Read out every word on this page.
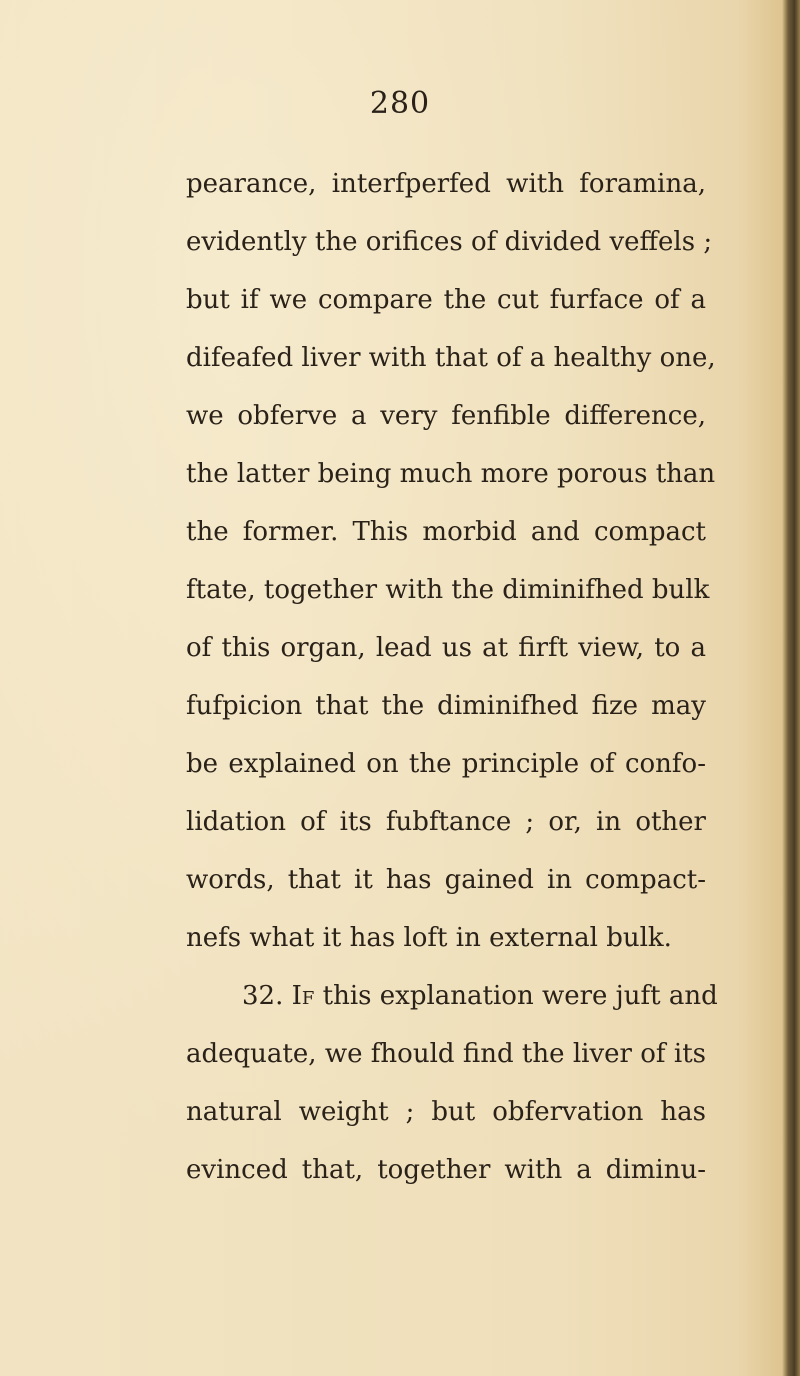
280
pearance, interfperfed with foramina,
evidently the orifices of divided veffels ;
but if we compare the cut furface of a
difeafed liver with that of a healthy one,
we obferve a very fenfible difference,
the latter being much more porous than
the former. This morbid and compact
ftate, together with the diminifhed bulk
of this organ, lead us at firft view, to a
fufpicion that the diminifhed fize may
be explained on the principle of confo-
lidation of its fubftance ; or, in other
words, that it has gained in compact-
nefs what it has loft in external bulk.
32. If this explanation were juft and
adequate, we fhould find the liver of its
natural weight ; but obfervation has
evinced that, together with a diminu-
